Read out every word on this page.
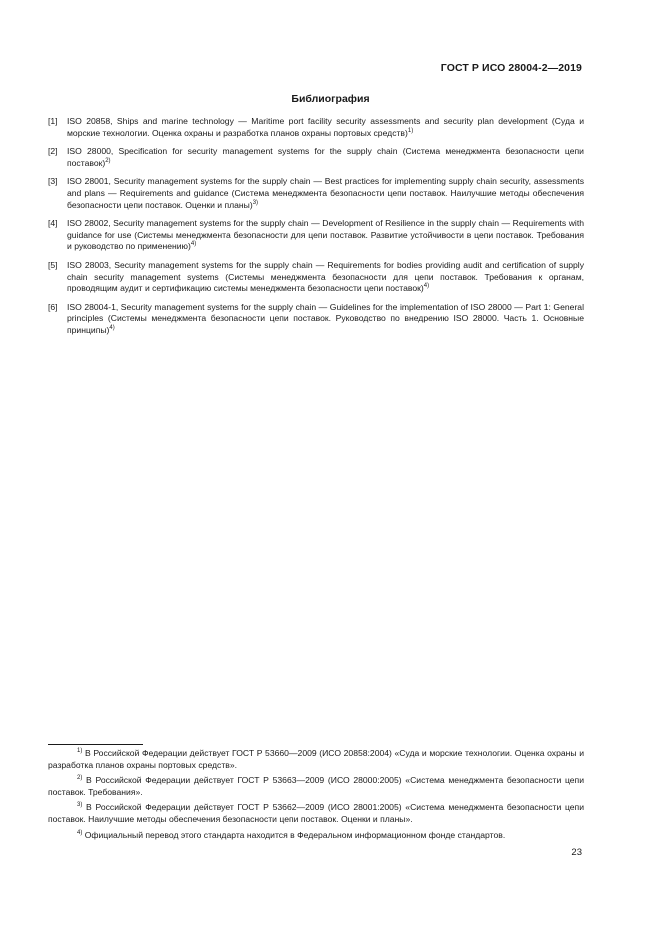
ГОСТ Р ИСО 28004-2—2019
Библиография
[1]	ISO 20858, Ships and marine technology — Maritime port facility security assessments and security plan development (Суда и морские технологии. Оценка охраны и разработка планов охраны портовых средств)$^{1)}$
[2]	ISO 28000, Specification for security management systems for the supply chain (Система менеджмента безопасности цепи поставок)$^{2)}$
[3]	ISO 28001, Security management systems for the supply chain — Best practices for implementing supply chain security, assessments and plans — Requirements and guidance (Система менеджмента безопасности цепи поставок. Наилучшие методы обеспечения безопасности цепи поставок. Оценки и планы)$^{3)}$
[4]	ISO 28002, Security management systems for the supply chain — Development of Resilience in the supply chain — Requirements with guidance for use (Системы менеджмента безопасности для цепи поставок. Развитие устойчивости в цепи поставок. Требования и руководство по применению)$^{4)}$
[5]	ISO 28003, Security management systems for the supply chain — Requirements for bodies providing audit and certification of supply chain security management systems (Системы менеджмента безопасности для цепи поставок. Требования к органам, проводящим аудит и сертификацию системы менеджмента безопасности цепи поставок)$^{4)}$
[6]	ISO 28004-1, Security management systems for the supply chain — Guidelines for the implementation of ISO 28000 — Part 1: General principles (Системы менеджмента безопасности цепи поставок. Руководство по внедрению ISO 28000. Часть 1. Основные принципы)$^{4)}$
$^{1)}$ В Российской Федерации действует ГОСТ Р 53660—2009 (ИСО 20858:2004) «Суда и морские технологии. Оценка охраны и разработка планов охраны портовых средств».
$^{2)}$ В Российской Федерации действует ГОСТ Р 53663—2009 (ИСО 28000:2005) «Система менеджмента безопасности цепи поставок. Требования».
$^{3)}$ В Российской Федерации действует ГОСТ Р 53662—2009 (ИСО 28001:2005) «Система менеджмента безопасности цепи поставок. Наилучшие методы обеспечения безопасности цепи поставок. Оценки и планы».
$^{4)}$ Официальный перевод этого стандарта находится в Федеральном информационном фонде стандартов.
23
